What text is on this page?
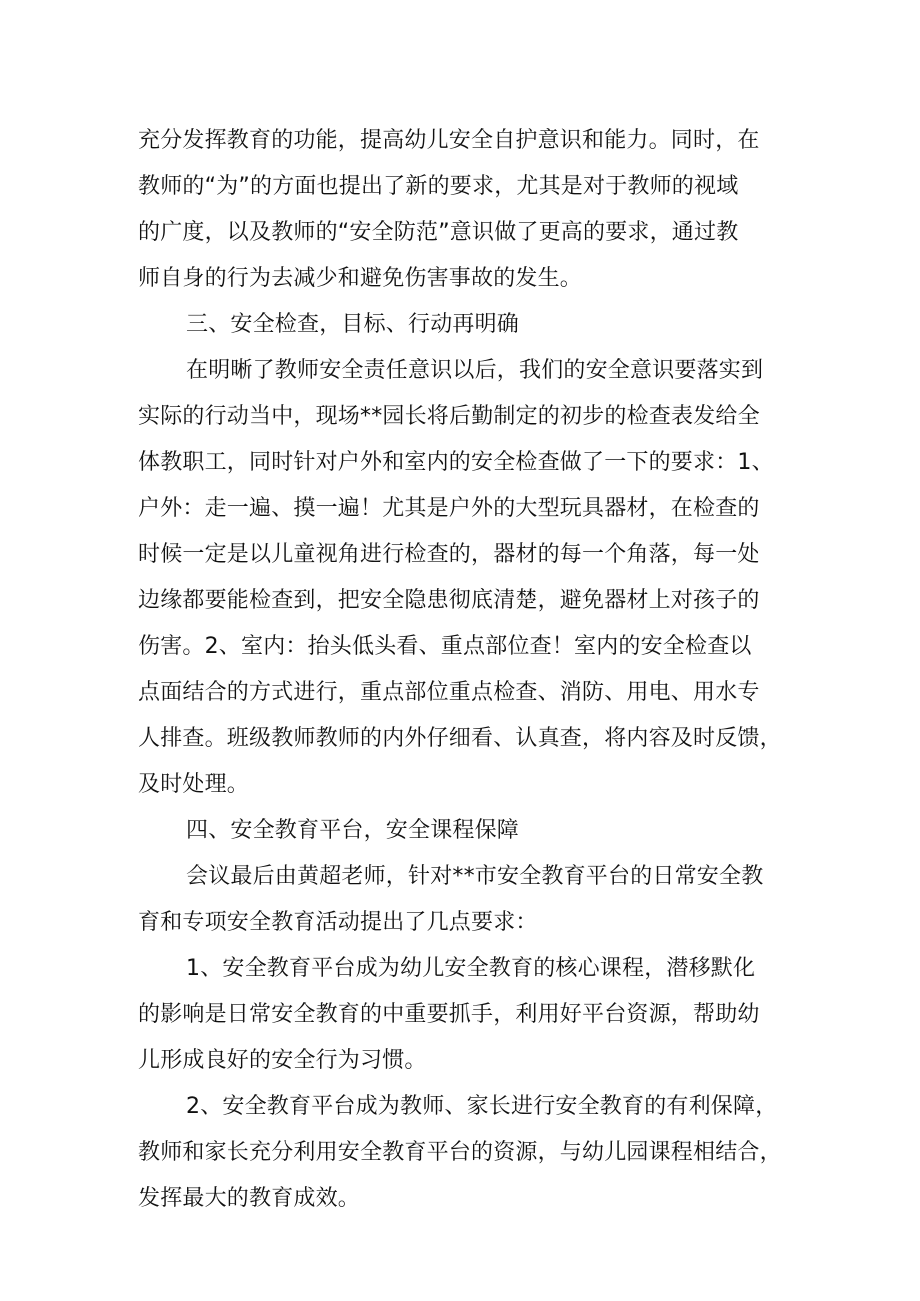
充分发挥教育的功能，提高幼儿安全自护意识和能力。同时，在
教师的“为”的方面也提出了新的要求，尤其是对于教师的视域
的广度，以及教师的“安全防范”意识做了更高的要求，通过教
师自身的行为去减少和避免伤害事故的发生。
三、安全检查，目标、行动再明确
在明晰了教师安全责任意识以后，我们的安全意识要落实到
实际的行动当中，现场**园长将后勤制定的初步的检查表发给全
体教职工，同时针对户外和室内的安全检查做了一下的要求：1、
户外：走一遍、摸一遍！尤其是户外的大型玩具器材，在检查的
时候一定是以儿童视角进行检查的，器材的每一个角落，每一处
边缘都要能检查到，把安全隐患彻底清楚，避免器材上对孩子的
伤害。2、室内：抬头低头看、重点部位查！室内的安全检查以
点面结合的方式进行，重点部位重点检查、消防、用电、用水专
人排查。班级教师教师的内外仔细看、认真查，将内容及时反馈，
及时处理。
四、安全教育平台，安全课程保障
会议最后由黄超老师，针对**市安全教育平台的日常安全教
育和专项安全教育活动提出了几点要求：
1、安全教育平台成为幼儿安全教育的核心课程，潜移默化
的影响是日常安全教育的中重要抓手，利用好平台资源，帮助幼
儿形成良好的安全行为习惯。
2、安全教育平台成为教师、家长进行安全教育的有利保障，
教师和家长充分利用安全教育平台的资源，与幼儿园课程相结合，
发挥最大的教育成效。
